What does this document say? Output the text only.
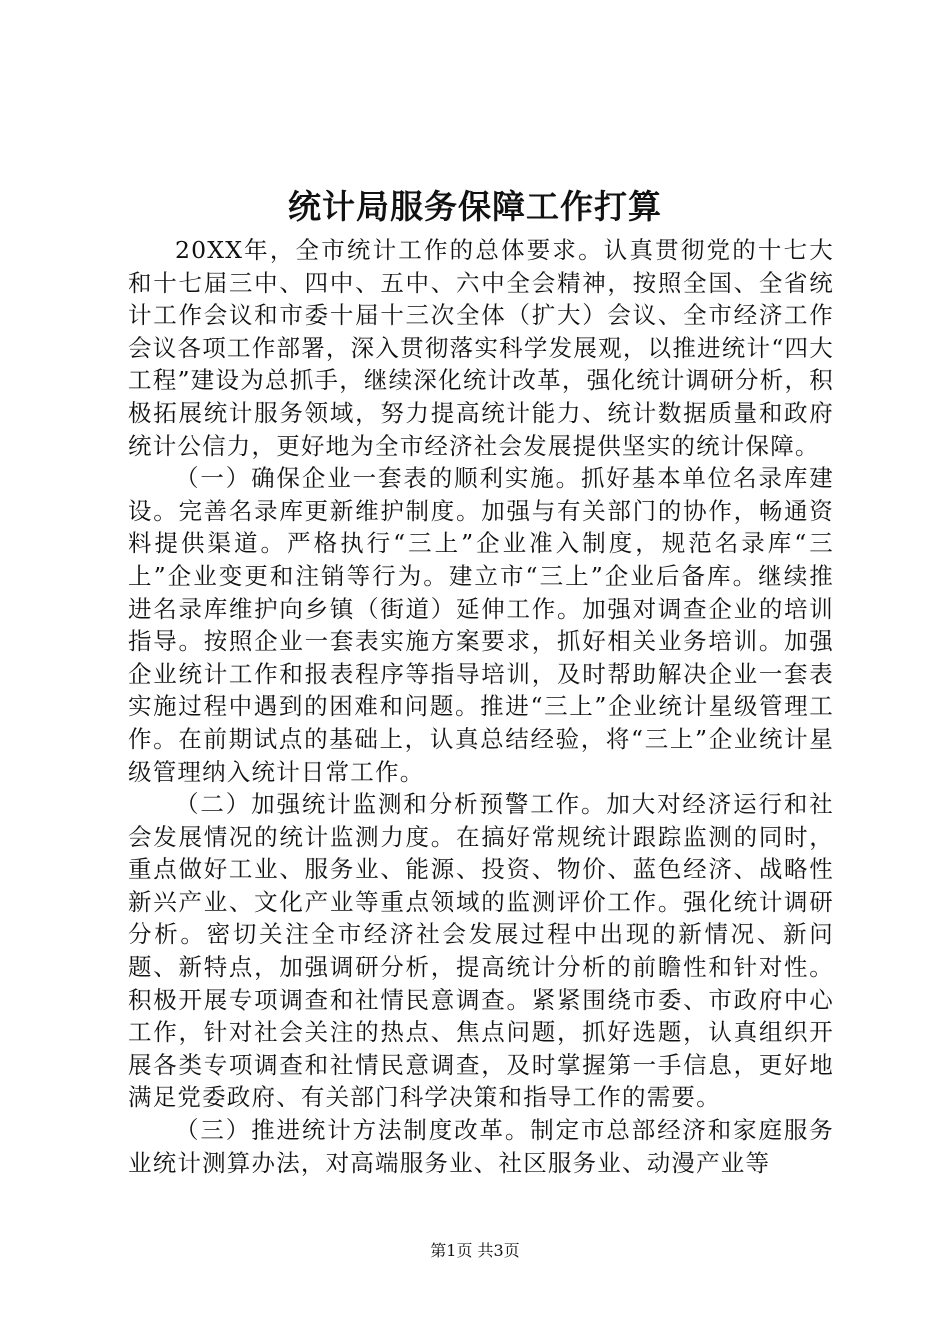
统计局服务保障工作打算

20XX年，全市统计工作的总体要求。认真贯彻党的十七大和十七届三中、四中、五中、六中全会精神，按照全国、全省统计工作会议和市委十届十三次全体（扩大）会议、全市经济工作会议各项工作部署，深入贯彻落实科学发展观，以推进统计“四大工程”建设为总抓手，继续深化统计改革，强化统计调研分析，积极拓展统计服务领域，努力提高统计能力、统计数据质量和政府统计公信力，更好地为全市经济社会发展提供坚实的统计保障。

（一）确保企业一套表的顺利实施。抓好基本单位名录库建设。完善名录库更新维护制度。加强与有关部门的协作，畅通资料提供渠道。严格执行“三上”企业准入制度，规范名录库“三上”企业变更和注销等行为。建立市“三上”企业后备库。继续推进名录库维护向乡镇（街道）延伸工作。加强对调查企业的培训指导。按照企业一套表实施方案要求，抓好相关业务培训。加强企业统计工作和报表程序等指导培训，及时帮助解决企业一套表实施过程中遇到的困难和问题。推进“三上”企业统计星级管理工作。在前期试点的基础上，认真总结经验，将“三上”企业统计星级管理纳入统计日常工作。

（二）加强统计监测和分析预警工作。加大对经济运行和社会发展情况的统计监测力度。在搞好常规统计跟踪监测的同时，重点做好工业、服务业、能源、投资、物价、蓝色经济、战略性新兴产业、文化产业等重点领域的监测评价工作。强化统计调研分析。密切关注全市经济社会发展过程中出现的新情况、新问题、新特点，加强调研分析，提高统计分析的前瞻性和针对性。积极开展专项调查和社情民意调查。紧紧围绕市委、市政府中心工作，针对社会关注的热点、焦点问题，抓好选题，认真组织开展各类专项调查和社情民意调查，及时掌握第一手信息，更好地满足党委政府、有关部门科学决策和指导工作的需要。

（三）推进统计方法制度改革。制定市总部经济和家庭服务业统计测算办法，对高端服务业、社区服务业、动漫产业等

第1页 共3页
